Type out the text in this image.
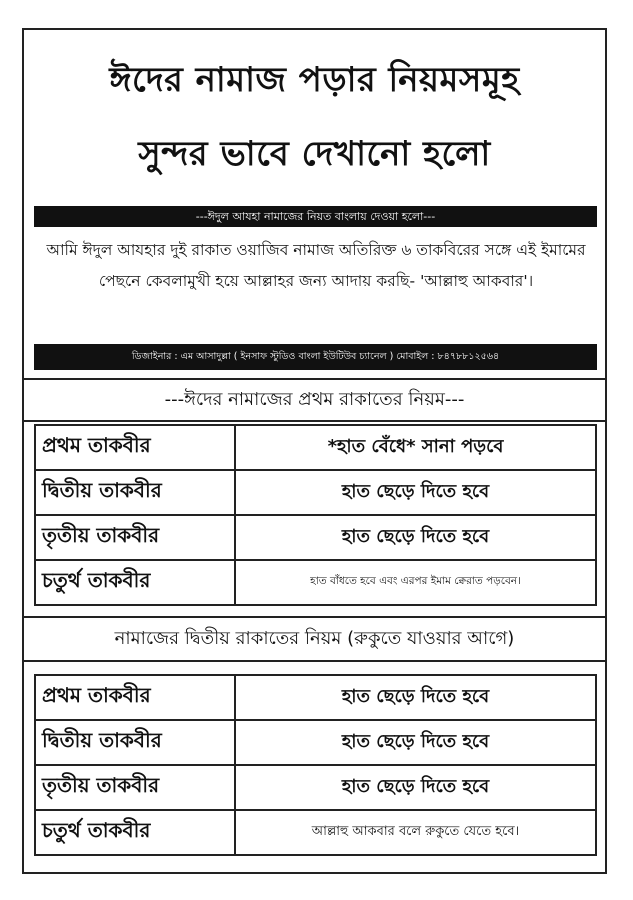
ঈদের নামাজ পড়ার নিয়মসমূহ
সুন্দর ভাবে দেখানো হলো
---ঈদুল আযহা নামাজের নিয়ত বাংলায় দেওয়া হলো---
আমি ঈদুল আযহার দুই রাকাত ওয়াজিব নামাজ অতিরিক্ত ৬ তাকবিরের সঙ্গে এই ইমামের পেছনে কেবলামুখী হয়ে আল্লাহর জন্য আদায় করছি- 'আল্লাহু আকবার'।
ডিজাইনার : এম আসাদুল্লা ( ইনসাফ স্টুডিও বাংলা ইউটিউব চ্যানেল ) মোবাইল : ৮৪৭৮৮১২৫৬৪
---ঈদের নামাজের প্রথম রাকাতের নিয়ম---
প্রথম তাকবীর	*হাত বেঁধে* সানা পড়বে
দ্বিতীয় তাকবীর	হাত ছেড়ে দিতে হবে
তৃতীয় তাকবীর	হাত ছেড়ে দিতে হবে
চতুর্থ তাকবীর	হাত বাঁধতে হবে এবং এরপর ইমাম ক্বেরাত পড়বেন।
নামাজের দ্বিতীয় রাকাতের নিয়ম (রুকুতে যাওয়ার আগে)
প্রথম তাকবীর	হাত ছেড়ে দিতে হবে
দ্বিতীয় তাকবীর	হাত ছেড়ে দিতে হবে
তৃতীয় তাকবীর	হাত ছেড়ে দিতে হবে
চতুর্থ তাকবীর	আল্লাহু আকবার বলে রুকুতে যেতে হবে।
